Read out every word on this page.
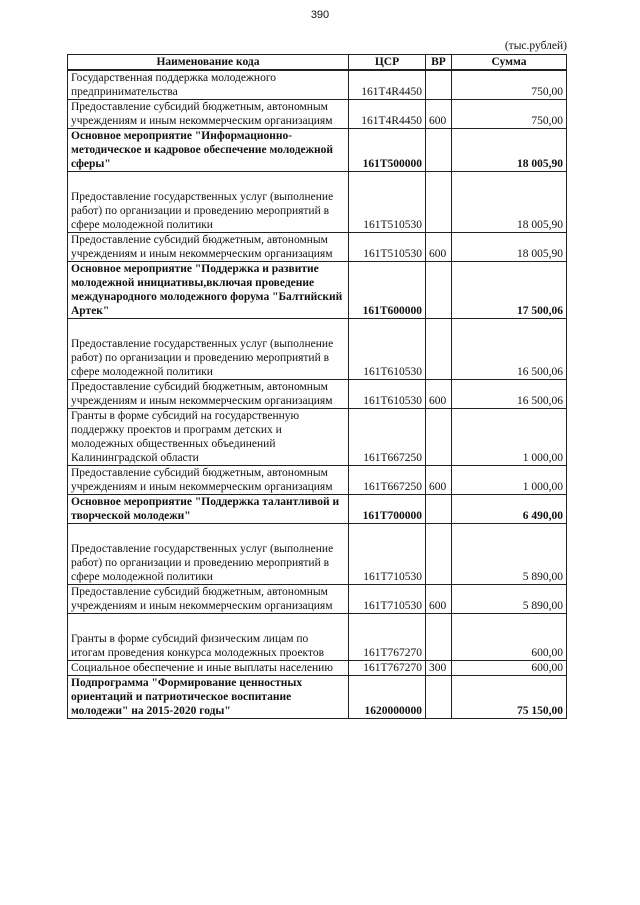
390
(тыс.рублей)
Наименование кода	ЦСР	ВР	Сумма
Государственная поддержка молодежного предпринимательства	161Т4R4450		750,00
Предоставление субсидий бюджетным, автономным учреждениям и иным некоммерческим организациям	161Т4R4450	600	750,00
Основное мероприятие "Информационно-методическое и кадровое обеспечение молодежной сферы"	161Т500000		18 005,90
Предоставление государственных услуг (выполнение работ) по организации и проведению мероприятий в сфере молодежной политики	161Т510530		18 005,90
Предоставление субсидий бюджетным, автономным учреждениям и иным некоммерческим организациям	161Т510530	600	18 005,90
Основное мероприятие "Поддержка и развитие молодежной инициативы,включая проведение международного молодежного форума "Балтийский Артек"	161Т600000		17 500,06
Предоставление государственных услуг (выполнение работ) по организации и проведению мероприятий в сфере молодежной политики	161Т610530		16 500,06
Предоставление субсидий бюджетным, автономным учреждениям и иным некоммерческим организациям	161Т610530	600	16 500,06
Гранты в форме субсидий на государственную поддержку проектов и программ детских и молодежных общественных объединений Калининградской области	161Т667250		1 000,00
Предоставление субсидий бюджетным, автономным учреждениям и иным некоммерческим организациям	161Т667250	600	1 000,00
Основное мероприятие "Поддержка талантливой и творческой молодежи"	161Т700000		6 490,00
Предоставление государственных услуг (выполнение работ) по организации и проведению мероприятий в сфере молодежной политики	161Т710530		5 890,00
Предоставление субсидий бюджетным, автономным учреждениям и иным некоммерческим организациям	161Т710530	600	5 890,00
Гранты в форме субсидий физическим лицам по итогам проведения конкурса молодежных проектов	161Т767270		600,00
Социальное обеспечение и иные выплаты населению	161Т767270	300	600,00
Подпрограмма "Формирование ценностных ориентаций и патриотическое воспитание молодежи" на 2015-2020 годы"	1620000000		75 150,00
